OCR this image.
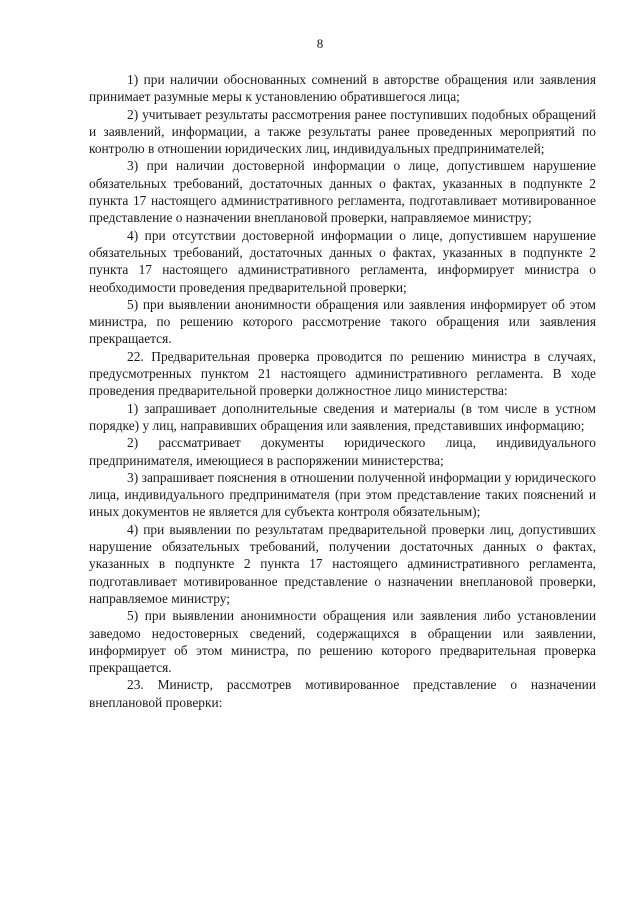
8

1) при наличии обоснованных сомнений в авторстве обращения или заявления принимает разумные меры к установлению обратившегося лица;

2) учитывает результаты рассмотрения ранее поступивших подобных обращений и заявлений, информации, а также результаты ранее проведенных мероприятий по контролю в отношении юридических лиц, индивидуальных предпринимателей;

3) при наличии достоверной информации о лице, допустившем нарушение обязательных требований, достаточных данных о фактах, указанных в подпункте 2 пункта 17 настоящего административного регламента, подготавливает мотивированное представление о назначении внеплановой проверки, направляемое министру;

4) при отсутствии достоверной информации о лице, допустившем нарушение обязательных требований, достаточных данных о фактах, указанных в подпункте 2 пункта 17 настоящего административного регламента, информирует министра о необходимости проведения предварительной проверки;

5) при выявлении анонимности обращения или заявления информирует об этом министра, по решению которого рассмотрение такого обращения или заявления прекращается.

22. Предварительная проверка проводится по решению министра в случаях, предусмотренных пунктом 21 настоящего административного регламента. В ходе проведения предварительной проверки должностное лицо министерства:

1) запрашивает дополнительные сведения и материалы (в том числе в устном порядке) у лиц, направивших обращения или заявления, представивших информацию;

2) рассматривает документы юридического лица, индивидуального предпринимателя, имеющиеся в распоряжении министерства;

3) запрашивает пояснения в отношении полученной информации у юридического лица, индивидуального предпринимателя (при этом представление таких пояснений и иных документов не является для субъекта контроля обязательным);

4) при выявлении по результатам предварительной проверки лиц, допустивших нарушение обязательных требований, получении достаточных данных о фактах, указанных в подпункте 2 пункта 17 настоящего административного регламента, подготавливает мотивированное представление о назначении внеплановой проверки, направляемое министру;

5) при выявлении анонимности обращения или заявления либо установлении заведомо недостоверных сведений, содержащихся в обращении или заявлении, информирует об этом министра, по решению которого предварительная проверка прекращается.

23. Министр, рассмотрев мотивированное представление о назначении внеплановой проверки:
